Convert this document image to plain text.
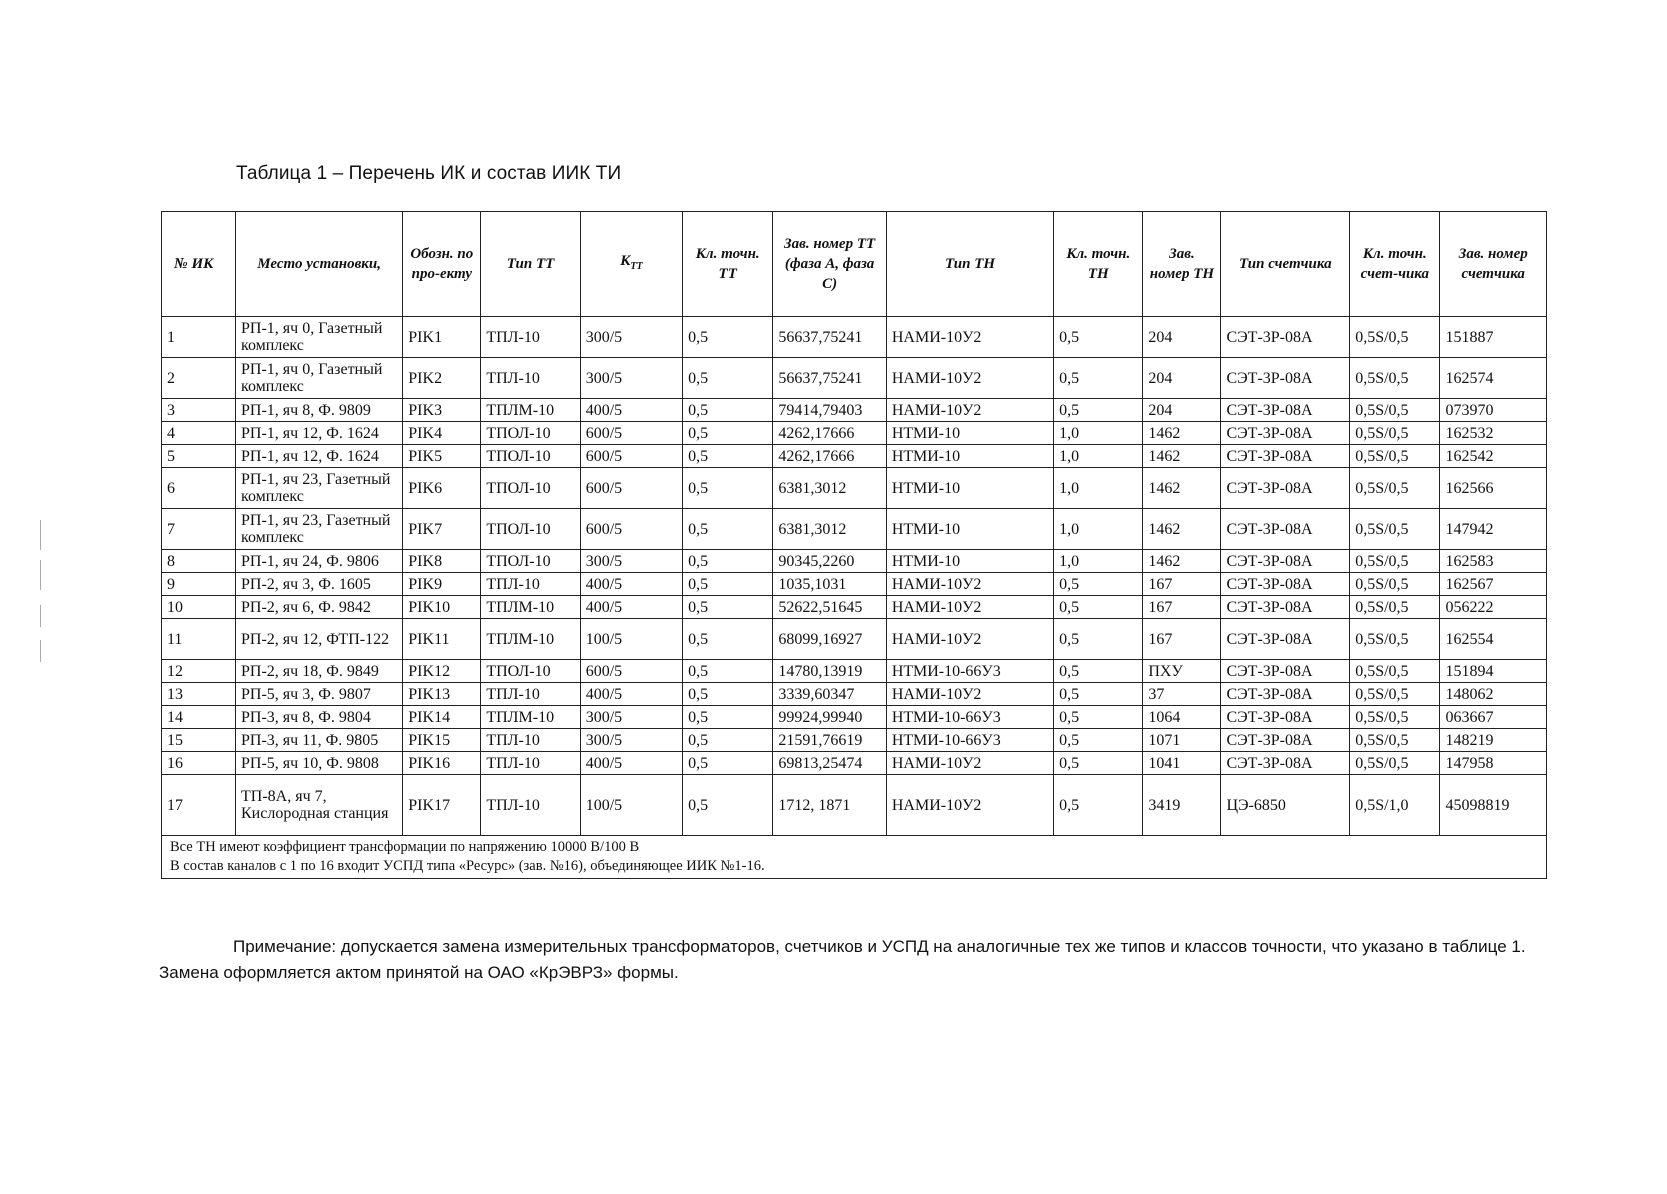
Таблица 1 – Перечень ИК и состав ИИК ТИ
№ ИК	Место установки,	Обозн. по про-екту	Тип ТТ	$К_{ТТ}$	Кл. точн. ТТ	Зав. номер ТТ (фаза А, фаза С)	Тип ТН	Кл. точн. ТН	Зав. номер ТН	Тип счетчика	Кл. точн. счет-чика	Зав. номер счетчика
1	РП-1, яч 0, Газетный комплекс	PIK1	ТПЛ-10	300/5	0,5	56637,75241	НАМИ-10У2	0,5	204	СЭТ-3Р-08А	0,5S/0,5	151887
2	РП-1, яч 0, Газетный комплекс	PIK2	ТПЛ-10	300/5	0,5	56637,75241	НАМИ-10У2	0,5	204	СЭТ-3Р-08А	0,5S/0,5	162574
3	РП-1, яч 8, Ф. 9809	PIK3	ТПЛМ-10	400/5	0,5	79414,79403	НАМИ-10У2	0,5	204	СЭТ-3Р-08А	0,5S/0,5	073970
4	РП-1, яч 12, Ф. 1624	PIK4	ТПОЛ-10	600/5	0,5	4262,17666	НТМИ-10	1,0	1462	СЭТ-3Р-08А	0,5S/0,5	162532
5	РП-1, яч 12, Ф. 1624	PIK5	ТПОЛ-10	600/5	0,5	4262,17666	НТМИ-10	1,0	1462	СЭТ-3Р-08А	0,5S/0,5	162542
6	РП-1, яч 23, Газетный комплекс	PIK6	ТПОЛ-10	600/5	0,5	6381,3012	НТМИ-10	1,0	1462	СЭТ-3Р-08А	0,5S/0,5	162566
7	РП-1, яч 23, Газетный комплекс	PIK7	ТПОЛ-10	600/5	0,5	6381,3012	НТМИ-10	1,0	1462	СЭТ-3Р-08А	0,5S/0,5	147942
8	РП-1, яч 24, Ф. 9806	PIK8	ТПОЛ-10	300/5	0,5	90345,2260	НТМИ-10	1,0	1462	СЭТ-3Р-08А	0,5S/0,5	162583
9	РП-2, яч 3, Ф. 1605	PIK9	ТПЛ-10	400/5	0,5	1035,1031	НАМИ-10У2	0,5	167	СЭТ-3Р-08А	0,5S/0,5	162567
10	РП-2, яч 6, Ф. 9842	PIK10	ТПЛМ-10	400/5	0,5	52622,51645	НАМИ-10У2	0,5	167	СЭТ-3Р-08А	0,5S/0,5	056222
11	РП-2, яч 12, ФТП-122	PIK11	ТПЛМ-10	100/5	0,5	68099,16927	НАМИ-10У2	0,5	167	СЭТ-3Р-08А	0,5S/0,5	162554
12	РП-2, яч 18, Ф. 9849	PIK12	ТПОЛ-10	600/5	0,5	14780,13919	НТМИ-10-66У3	0,5	ПХУ	СЭТ-3Р-08А	0,5S/0,5	151894
13	РП-5, яч 3, Ф. 9807	PIK13	ТПЛ-10	400/5	0,5	3339,60347	НАМИ-10У2	0,5	37	СЭТ-3Р-08А	0,5S/0,5	148062
14	РП-3, яч 8, Ф. 9804	PIK14	ТПЛМ-10	300/5	0,5	99924,99940	НТМИ-10-66У3	0,5	1064	СЭТ-3Р-08А	0,5S/0,5	063667
15	РП-3, яч 11, Ф. 9805	PIK15	ТПЛ-10	300/5	0,5	21591,76619	НТМИ-10-66У3	0,5	1071	СЭТ-3Р-08А	0,5S/0,5	148219
16	РП-5, яч 10, Ф. 9808	PIK16	ТПЛ-10	400/5	0,5	69813,25474	НАМИ-10У2	0,5	1041	СЭТ-3Р-08А	0,5S/0,5	147958
17	ТП-8А, яч 7, Кислородная станция	PIK17	ТПЛ-10	100/5	0,5	1712, 1871	НАМИ-10У2	0,5	3419	ЦЭ-6850	0,5S/1,0	45098819

Все ТН имеют коэффициент трансформации по напряжению 10000 В/100 В
В состав каналов с 1 по 16 входит УСПД типа «Ресурс» (зав. №16), объединяющее ИИК №1-16.												

Примечание: допускается замена измерительных трансформаторов, счетчиков и УСПД на аналогичные тех же типов и классов точности, что указано в таблице 1. Замена оформляется актом принятой на ОАО «КрЭВРЗ» формы.
